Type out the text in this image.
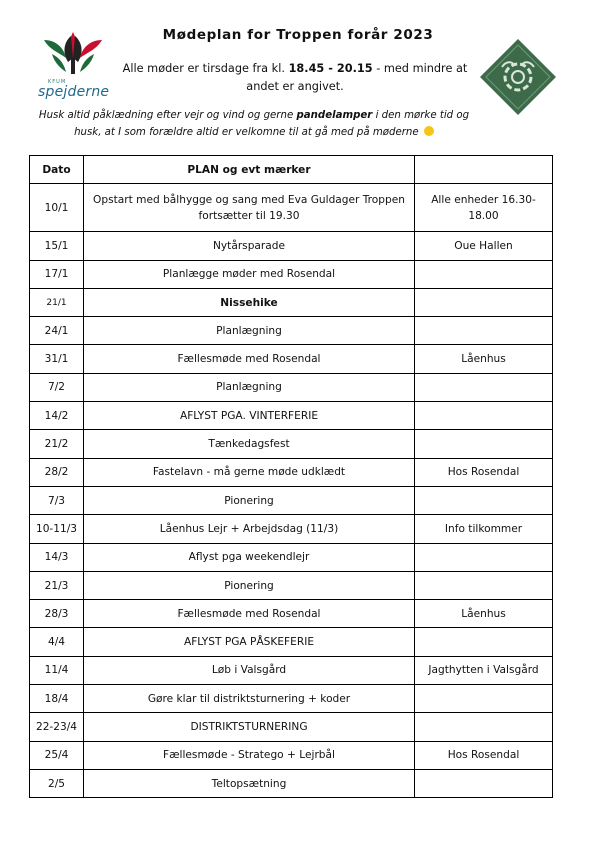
KFUM
spejderne
Mødeplan for Troppen forår 2023
Alle møder er tirsdage fra kl. 18.45 - 20.15 - med mindre at andet er angivet.
Husk altid påklædning efter vejr og vind og gerne pandelamper i den mørke tid og husk, at I som forældre altid er velkomne til at gå med på møderne
Dato	PLAN og evt mærker	
10/1	Opstart med bålhygge og sang med Eva Guldager Troppen fortsætter til 19.30	Alle enheder 16.30-18.00
15/1	Nytårsparade	Oue Hallen
17/1	Planlægge møder med Rosendal	
21/1	Nissehike	
24/1	Planlægning	
31/1	Fællesmøde med Rosendal	Låenhus
7/2	Planlægning	
14/2	AFLYST PGA. VINTERFERIE	
21/2	Tænkedagsfest	
28/2	Fastelavn - må gerne møde udklædt	Hos Rosendal
7/3	Pionering	
10-11/3	Låenhus Lejr + Arbejdsdag (11/3)	Info tilkommer
14/3	Aflyst pga weekendlejr	
21/3	Pionering	
28/3	Fællesmøde med Rosendal	Låenhus
4/4	AFLYST PGA PÅSKEFERIE	
11/4	Løb i Valsgård	Jagthytten i Valsgård
18/4	Gøre klar til distriktsturnering + koder	
22-23/4	DISTRIKTSTURNERING	
25/4	Fællesmøde - Stratego + Lejrbål	Hos Rosendal
2/5	Teltopsætning	
